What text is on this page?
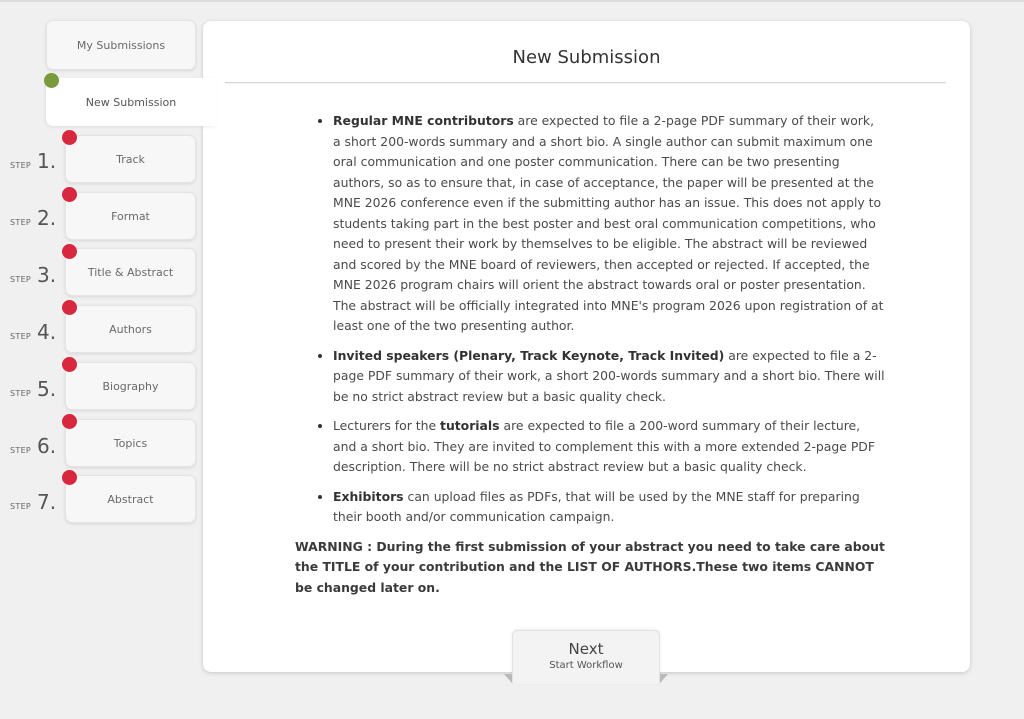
My Submissions
New Submission
STEP 1.	Track
STEP 2.	Format
STEP 3.	Title & Abstract
STEP 4.	Authors
STEP 5.	Biography
STEP 6.	Topics
STEP 7.	Abstract
New Submission
• Regular MNE contributors are expected to file a 2-page PDF summary of their work, a short 200-words summary and a short bio. A single author can submit maximum one oral communication and one poster communication. There can be two presenting authors, so as to ensure that, in case of acceptance, the paper will be presented at the MNE 2026 conference even if the submitting author has an issue. This does not apply to students taking part in the best poster and best oral communication competitions, who need to present their work by themselves to be eligible. The abstract will be reviewed and scored by the MNE board of reviewers, then accepted or rejected. If accepted, the MNE 2026 program chairs will orient the abstract towards oral or poster presentation. The abstract will be officially integrated into MNE's program 2026 upon registration of at least one of the two presenting author.
• Invited speakers (Plenary, Track Keynote, Track Invited) are expected to file a 2-page PDF summary of their work, a short 200-words summary and a short bio. There will be no strict abstract review but a basic quality check.
• Lecturers for the tutorials are expected to file a 200-word summary of their lecture, and a short bio. They are invited to complement this with a more extended 2-page PDF description. There will be no strict abstract review but a basic quality check.
• Exhibitors can upload files as PDFs, that will be used by the MNE staff for preparing their booth and/or communication campaign.
WARNING : During the first submission of your abstract you need to take care about the TITLE of your contribution and the LIST OF AUTHORS.These two items CANNOT be changed later on.
Next
Start Workflow
